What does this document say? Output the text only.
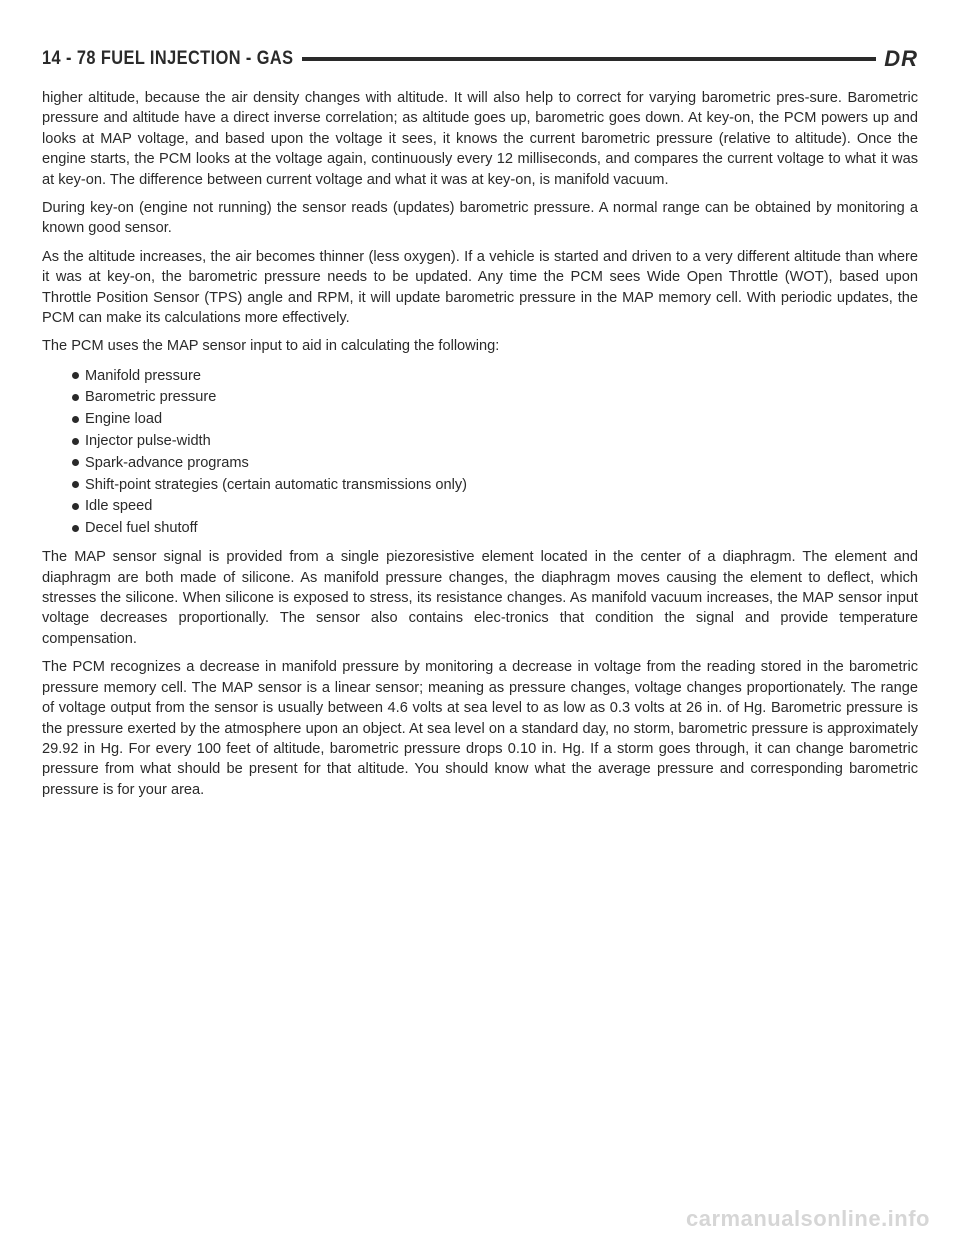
14 - 78 FUEL INJECTION - GAS	DR

higher altitude, because the air density changes with altitude. It will also help to correct for varying barometric pres-sure. Barometric pressure and altitude have a direct inverse correlation; as altitude goes up, barometric goes down. At key-on, the PCM powers up and looks at MAP voltage, and based upon the voltage it sees, it knows the current barometric pressure (relative to altitude). Once the engine starts, the PCM looks at the voltage again, continuously every 12 milliseconds, and compares the current voltage to what it was at key-on. The difference between current voltage and what it was at key-on, is manifold vacuum.

During key-on (engine not running) the sensor reads (updates) barometric pressure. A normal range can be obtained by monitoring a known good sensor.

As the altitude increases, the air becomes thinner (less oxygen). If a vehicle is started and driven to a very different altitude than where it was at key-on, the barometric pressure needs to be updated. Any time the PCM sees Wide Open Throttle (WOT), based upon Throttle Position Sensor (TPS) angle and RPM, it will update barometric pressure in the MAP memory cell. With periodic updates, the PCM can make its calculations more effectively.

The PCM uses the MAP sensor input to aid in calculating the following:

Manifold pressure
Barometric pressure
Engine load
Injector pulse-width
Spark-advance programs
Shift-point strategies (certain automatic transmissions only)
Idle speed
Decel fuel shutoff

The MAP sensor signal is provided from a single piezoresistive element located in the center of a diaphragm. The element and diaphragm are both made of silicone. As manifold pressure changes, the diaphragm moves causing the element to deflect, which stresses the silicone. When silicone is exposed to stress, its resistance changes. As manifold vacuum increases, the MAP sensor input voltage decreases proportionally. The sensor also contains elec-tronics that condition the signal and provide temperature compensation.

The PCM recognizes a decrease in manifold pressure by monitoring a decrease in voltage from the reading stored in the barometric pressure memory cell. The MAP sensor is a linear sensor; meaning as pressure changes, voltage changes proportionately. The range of voltage output from the sensor is usually between 4.6 volts at sea level to as low as 0.3 volts at 26 in. of Hg. Barometric pressure is the pressure exerted by the atmosphere upon an object. At sea level on a standard day, no storm, barometric pressure is approximately 29.92 in Hg. For every 100 feet of altitude, barometric pressure drops 0.10 in. Hg. If a storm goes through, it can change barometric pressure from what should be present for that altitude. You should know what the average pressure and corresponding barometric pressure is for your area.

carmanualsonline.info
